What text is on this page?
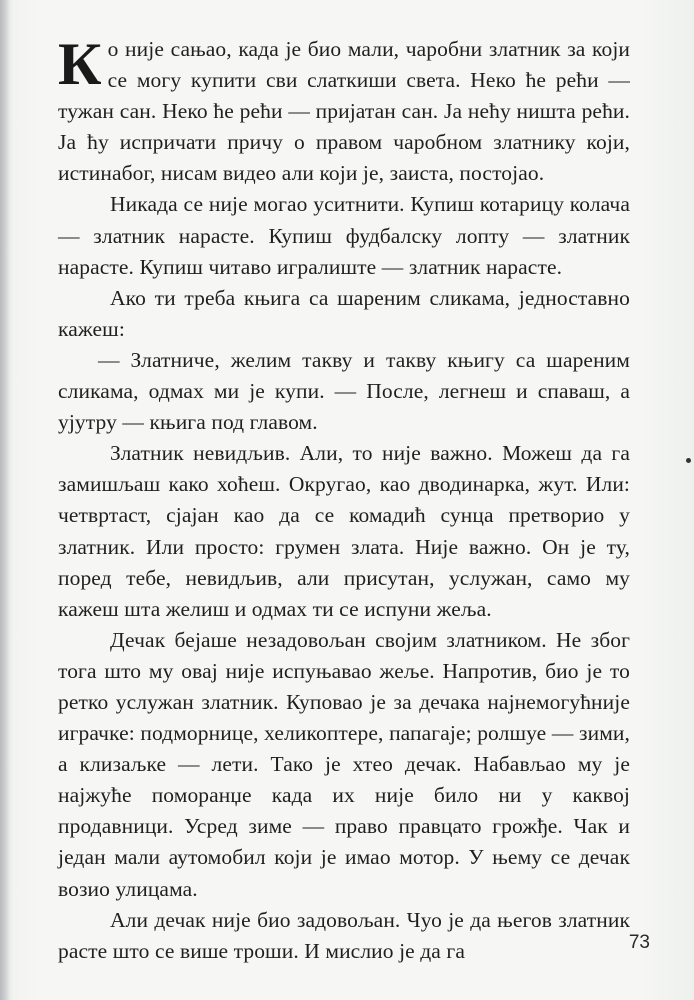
Ко није сањао, када је био мали, чаробни златник за који се могу купити сви слаткиши света. Неко ће рећи — тужан сан. Неко ће рећи — пријатан сан. Ја нећу ништа рећи. Ја ћу испричати причу о правом чаробном златнику који, истинабог, нисам видео али који је, заиста, постојао.

Никада се није могао уситнити. Купиш котарицу колача — златник нарасте. Купиш фудбалску лопту — златник нарасте. Купиш читаво игралиште — златник нарасте.

Ако ти треба књига са шареним сликама, једноставно кажеш:

— Златниче, желим такву и такву књигу са шареним сликама, одмах ми је купи. — После, легнеш и спаваш, а ујутру — књига под главом.

Златник невидљив. Али, то није важно. Можеш да га замишљаш како хоћеш. Округао, као дводинарка, жут. Или: четвртаст, сјајан као да се комадић сунца претворио у златник. Или просто: грумен злата. Није важно. Он је ту, поред тебе, невидљив, али присутан, услужан, само му кажеш шта желиш и одмах ти се испуни жеља.

Дечак бејаше незадовољан својим златником. Не због тога што му овај није испуњавао жеље. Напротив, био је то ретко услужан златник. Куповао је за дечака најнемогућније играчке: подморнице, хеликоптере, папагаје; ролшуе — зими, а клизаљке — лети. Тако је хтео дечак. Набављао му је најжуће поморанџе када их није било ни у каквој продавници. Усред зиме — право правцато грожђе. Чак и један мали аутомобил који је имао мотор. У њему се дечак возио улицама.

Али дечак није био задовољан. Чуо је да његов златник расте што се више троши. И мислио је да га	73
